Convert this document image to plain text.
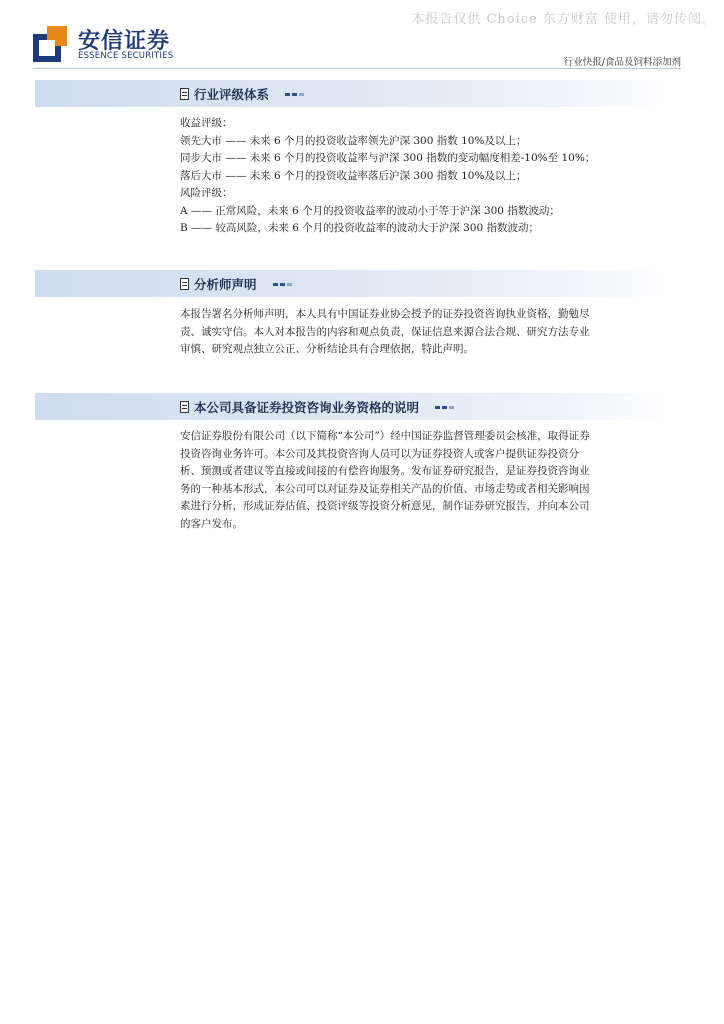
本报告仅供 Choice 东方财富 使用，请勿传阅。
安信证券
ESSENCE SECURITIES
行业快报/食品及饲料添加剂
行业评级体系

收益评级：

领先大市 —— 未来 6 个月的投资收益率领先沪深 300 指数 10%及以上；

同步大市 —— 未来 6 个月的投资收益率与沪深 300 指数的变动幅度相差-10%至 10%；

落后大市 —— 未来 6 个月的投资收益率落后沪深 300 指数 10%及以上；

风险评级：

A —— 正常风险，未来 6 个月的投资收益率的波动小于等于沪深 300 指数波动；

B —— 较高风险，未来 6 个月的投资收益率的波动大于沪深 300 指数波动；

分析师声明

本报告署名分析师声明，本人具有中国证券业协会授予的证券投资咨询执业资格，勤勉尽

责、诚实守信。本人对本报告的内容和观点负责，保证信息来源合法合规、研究方法专业

审慎、研究观点独立公正、分析结论具有合理依据，特此声明。

本公司具备证券投资咨询业务资格的说明

安信证券股份有限公司（以下简称“本公司”）经中国证券监督管理委员会核准，取得证券

投资咨询业务许可。本公司及其投资咨询人员可以为证券投资人或客户提供证券投资分

析、预测或者建议等直接或间接的有偿咨询服务。发布证券研究报告，是证券投资咨询业

务的一种基本形式，本公司可以对证券及证券相关产品的价值、市场走势或者相关影响因

素进行分析，形成证券估值、投资评级等投资分析意见，制作证券研究报告，并向本公司

的客户发布。
